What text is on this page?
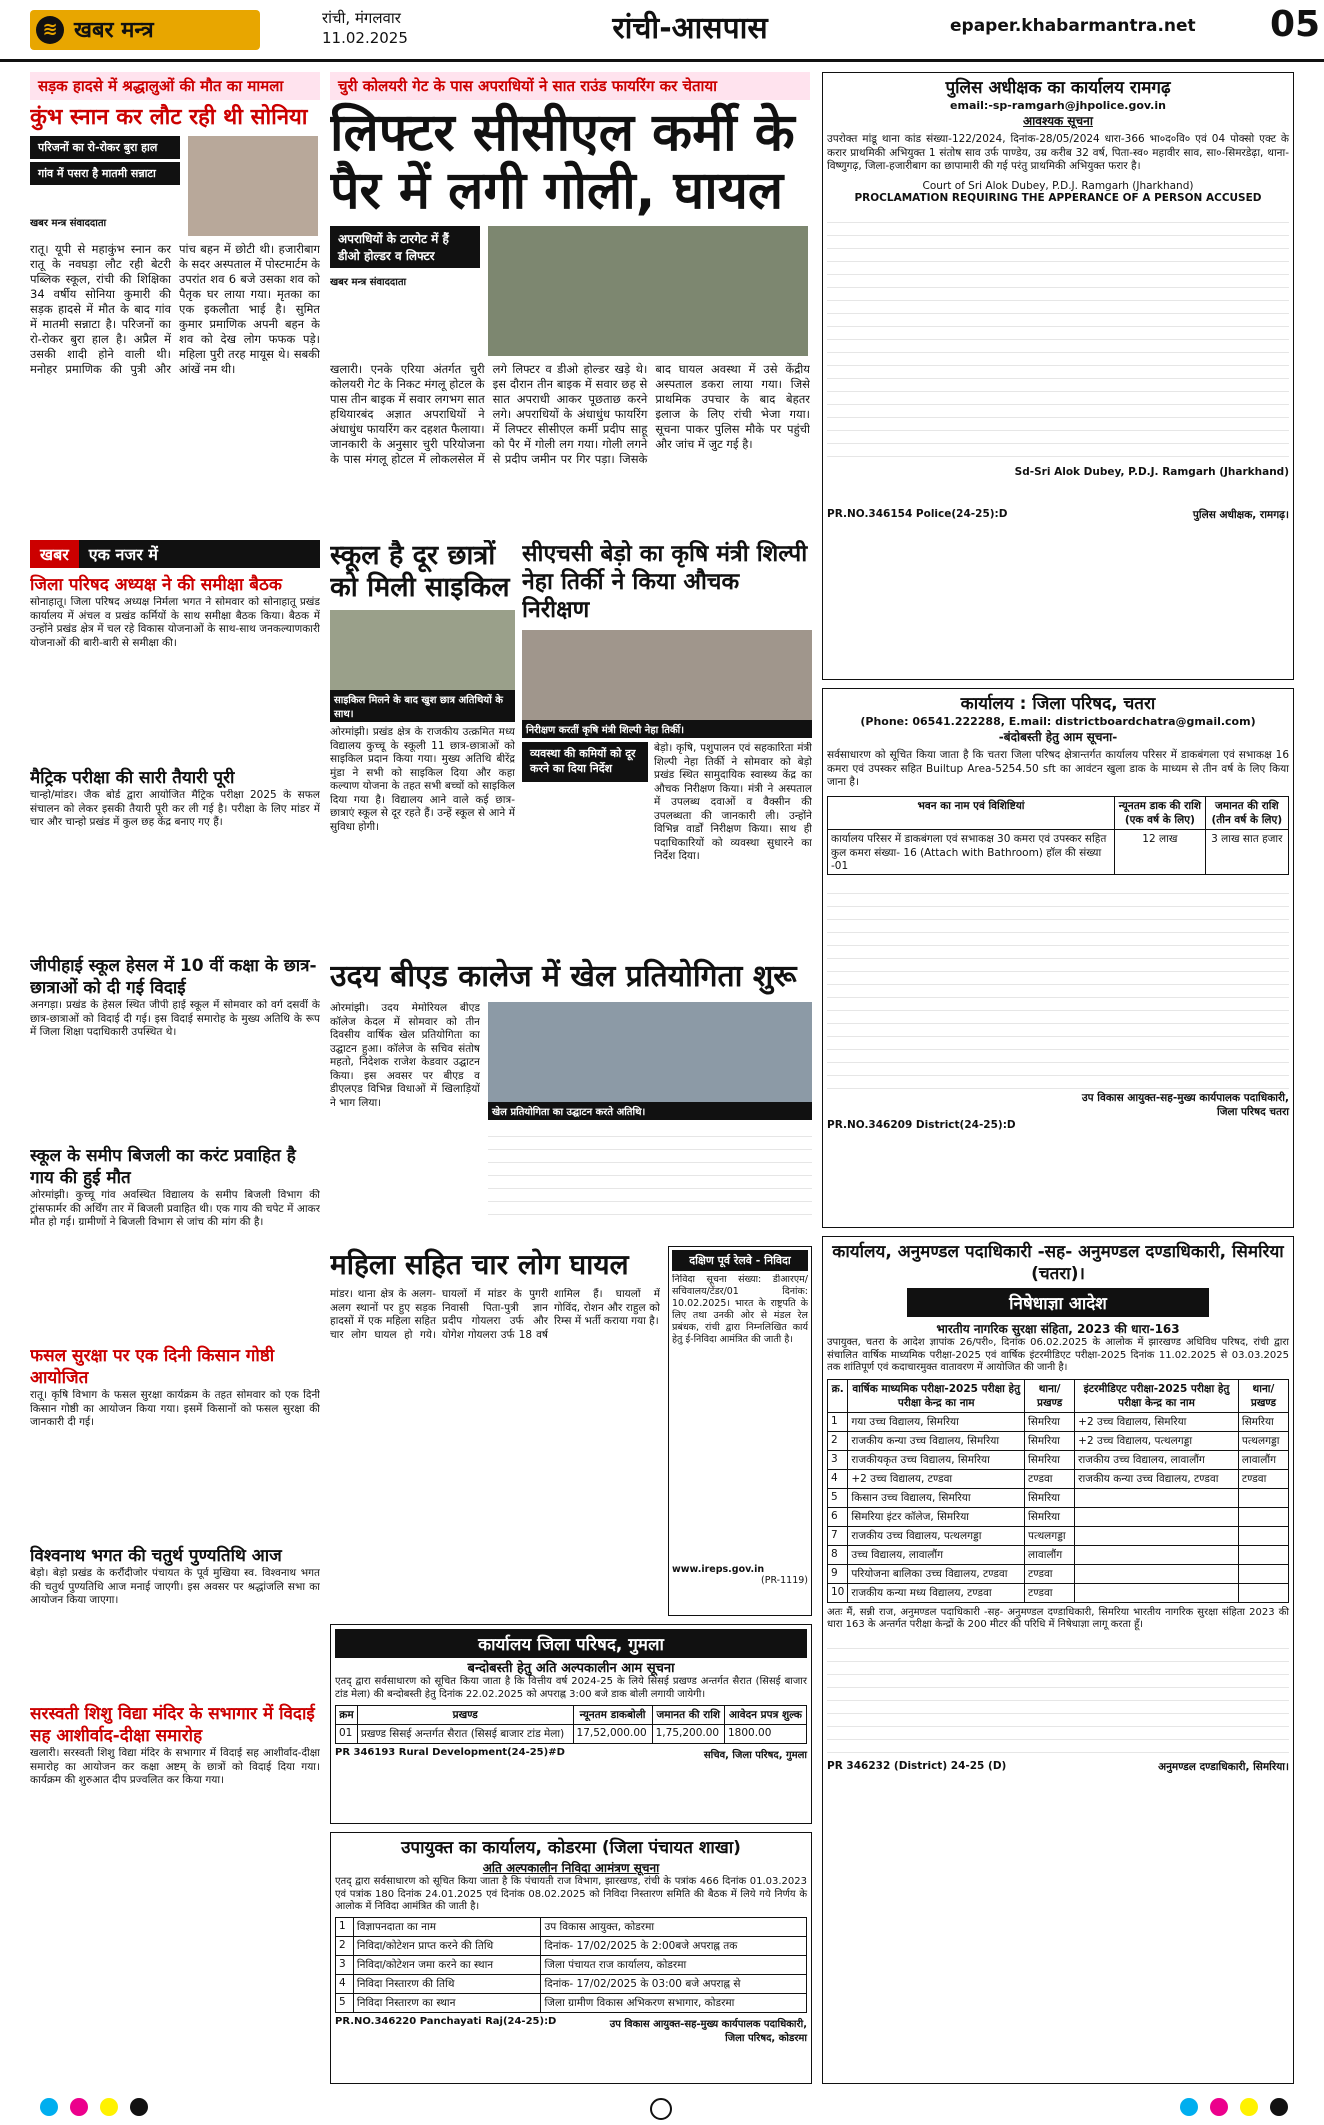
≋ खबर मन्त्र	रांची, मंगलवार
11.02.2025	रांची-आसपास	epaper.khabarmantra.net 05
सड़क हादसे में श्रद्धालुओं की मौत का मामला
कुंभ स्नान कर लौट रही थी सोनिया
परिजनों का रो-रोकर बुरा हाल
गांव में पसरा है मातमी सन्नाटा
खबर मन्त्र संवाददाता
रातू। यूपी से महाकुंभ स्नान कर रातू के नवघड़ा लौट रही बेटरी पब्लिक स्कूल, रांची की शिक्षिका 34 वर्षीय सोनिया कुमारी की सड़क हादसे में मौत के बाद गांव में मातमी सन्नाटा है। परिजनों का रो-रोकर बुरा हाल है। अप्रैल में उसकी शादी होने वाली थी। मनोहर प्रमाणिक की पुत्री और पांच बहन में छोटी थी। हजारीबाग के सदर अस्पताल में पोस्टमार्टम के उपरांत शव 6 बजे उसका शव को पैतृक घर लाया गया। मृतका का एक इकलौता भाई है। सुमित कुमार प्रमाणिक अपनी बहन के शव को देख लोग फफक पड़े। महिला पुरी तरह मायूस थे। सबकी आंखें नम थी।
चुरी कोलयरी गेट के पास अपराधियों ने सात राउंड फायरिंग कर चेताया
लिफ्टर सीसीएल कर्मी के पैर में लगी गोली, घायल
अपराधियों के टारगेट में हैं डीओ होल्डर व लिफ्टर
खबर मन्त्र संवाददाता
खलारी। एनके एरिया अंतर्गत चुरी कोलयरी गेट के निकट मंगलू होटल के पास तीन बाइक में सवार लगभग सात हथियारबंद अज्ञात अपराधियों ने अंधाधुंध फायरिंग कर दहशत फैलाया। जानकारी के अनुसार चुरी परियोजना के पास मंगलू होटल में लोकलसेल में लगे लिफ्टर व डीओ होल्डर खड़े थे। इस दौरान तीन बाइक में सवार छह से सात अपराधी आकर पूछताछ करने लगे। अपराधियों के अंधाधुंध फायरिंग में लिफ्टर सीसीएल कर्मी प्रदीप साहू को पैर में गोली लग गया। गोली लगने से प्रदीप जमीन पर गिर पड़ा। जिसके बाद घायल अवस्था में उसे केंद्रीय अस्पताल डकरा लाया गया। जिसे प्राथमिक उपचार के बाद बेहतर इलाज के लिए रांची भेजा गया। सूचना पाकर पुलिस मौके पर पहुंची और जांच में जुट गई है।
पुलिस अधीक्षक का कार्यालय रामगढ़
email:-sp-ramgarh@jhpolice.gov.in
आवश्यक सूचना
उपरोक्त मांडू थाना कांड संख्या-122/2024, दिनांक-28/05/2024 धारा-366 भा०द०वि० एवं 04 पोक्सो एक्ट के करार प्राथमिकी अभियुक्त 1 संतोष साव उर्फ पाण्डेय, उम्र करीब 32 वर्ष, पिता-स्व० महावीर साव, सा०-सिमरडेढ़ा, थाना-विष्णुगढ़, जिला-हजारीबाग का छापामारी की गई परंतु प्राथमिकी अभियुक्त फरार है।
Court of Sri Alok Dubey, P.D.J. Ramgarh (Jharkhand)
PROCLAMATION REQUIRING THE APPERANCE OF A PERSON ACCUSED
Sd-Sri Alok Dubey, P.D.J. Ramgarh (Jharkhand)
PR.NO.346154 Police(24-25):D	पुलिस अधीक्षक, रामगढ़।
खबर	एक नजर में
जिला परिषद अध्यक्ष ने की समीक्षा बैठक
सोनाहातू। जिला परिषद अध्यक्ष निर्मला भगत ने सोमवार को सोनाहातू प्रखंड कार्यालय में अंचल व प्रखंड कर्मियों के साथ समीक्षा बैठक किया। बैठक में उन्होंने प्रखंड क्षेत्र में चल रहे विकास योजनाओं के साथ-साथ जनकल्याणकारी योजनाओं की बारी-बारी से समीक्षा की।
मैट्रिक परीक्षा की सारी तैयारी पूरी
चान्हो/मांडर। जैक बोर्ड द्वारा आयोजित मैट्रिक परीक्षा 2025 के सफल संचालन को लेकर इसकी तैयारी पूरी कर ली गई है। परीक्षा के लिए मांडर में चार और चान्हो प्रखंड में कुल छह केंद्र बनाए गए हैं।
जीपीहाई स्कूल हेसल में 10 वीं कक्षा के छात्र-छात्राओं को दी गई विदाई
अनगड़ा। प्रखंड के हेसल स्थित जीपी हाई स्कूल में सोमवार को वर्ग दसवीं के छात्र-छात्राओं को विदाई दी गई। इस विदाई समारोह के मुख्य अतिथि के रूप में जिला शिक्षा पदाधिकारी उपस्थित थे।
स्कूल के समीप बिजली का करंट प्रवाहित है गाय की हुई मौत
ओरमांझी। कुच्चू गांव अवस्थित विद्यालय के समीप बिजली विभाग की ट्रांसफार्मर की अर्थिंग तार में बिजली प्रवाहित थी। एक गाय की चपेट में आकर मौत हो गई। ग्रामीणों ने बिजली विभाग से जांच की मांग की है।
फसल सुरक्षा पर एक दिनी किसान गोष्ठी आयोजित
रातू। कृषि विभाग के फसल सुरक्षा कार्यक्रम के तहत सोमवार को एक दिनी किसान गोष्ठी का आयोजन किया गया। इसमें किसानों को फसल सुरक्षा की जानकारी दी गई।
विश्वनाथ भगत की चतुर्थ पुण्यतिथि आज
बेड़ो। बेड़ो प्रखंड के करौंदीजोर पंचायत के पूर्व मुखिया स्व. विश्वनाथ भगत की चतुर्थ पुण्यतिथि आज मनाई जाएगी। इस अवसर पर श्रद्धांजलि सभा का आयोजन किया जाएगा।
सरस्वती शिशु विद्या मंदिर के सभागार में विदाई सह आशीर्वाद-दीक्षा समारोह
खलारी। सरस्वती शिशु विद्या मंदिर के सभागार में विदाई सह आशीर्वाद-दीक्षा समारोह का आयोजन कर कक्षा अष्टम्‌ के छात्रों को विदाई दिया गया। कार्यक्रम की शुरुआत दीप प्रज्वलित कर किया गया।
स्कूल है दूर छात्रों को मिली साइकिल
साइकिल मिलने के बाद खुश छात्र अतिथियों के साथ।
ओरमांझी। प्रखंड क्षेत्र के राजकीय उत्क्रमित मध्य विद्यालय कुच्चू के स्कूली 11 छात्र-छात्राओं को साइकिल प्रदान किया गया। मुख्य अतिथि बीरेंद्र मुंडा ने सभी को साइकिल दिया और कहा कल्याण योजना के तहत सभी बच्चों को साइकिल दिया गया है। विद्यालय आने वाले कई छात्र-छात्राएं स्कूल से दूर रहते हैं। उन्हें स्कूल से आने में सुविधा होगी।
सीएचसी बेड़ो का कृषि मंत्री शिल्पी नेहा तिर्की ने किया औचक निरीक्षण
निरीक्षण करतीं कृषि मंत्री शिल्पी नेहा तिर्की।
व्यवस्था की कमियों को दूर करने का दिया निर्देश
बेड़ो। कृषि, पशुपालन एवं सहकारिता मंत्री शिल्पी नेहा तिर्की ने सोमवार को बेड़ो प्रखंड स्थित सामुदायिक स्वास्थ्य केंद्र का औचक निरीक्षण किया। मंत्री ने अस्पताल में उपलब्ध दवाओं व वैक्सीन की उपलब्धता की जानकारी ली। उन्होंने विभिन्न वार्डों निरीक्षण किया। साथ ही पदाधिकारियों को व्यवस्था सुधारने का निर्देश दिया।
कार्यालय : जिला परिषद, चतरा
(Phone: 06541.222288, E.mail: districtboardchatra@gmail.com)
-बंदोबस्ती हेतु आम सूचना-
सर्वसाधारण को सूचित किया जाता है कि चतरा जिला परिषद क्षेत्रान्तर्गत कार्यालय परिसर में डाकबंगला एवं सभाकक्ष 16 कमरा एवं उपस्कर सहित Builtup Area-5254.50 sft का आवंटन खुला डाक के माध्यम से तीन वर्ष के लिए किया जाना है।
भवन का नाम एवं विशिष्टियां	न्यूनतम डाक की राशि (एक वर्ष के लिए)	जमानत की राशि (तीन वर्ष के लिए)
कार्यालय परिसर में डाकबंगला एवं सभाकक्ष 30 कमरा एवं उपस्कर सहित कुल कमरा संख्या- 16 (Attach with Bathroom) हॉल की संख्या -01	12 लाख	3 लाख सात हजार
उप विकास आयुक्त-सह-मुख्य कार्यपालक पदाधिकारी, जिला परिषद चतरा
PR.NO.346209 District(24-25):D
उदय बीएड कालेज में खेल प्रतियोगिता शुरू
ओरमांझी। उदय मेमोरियल बीएड कॉलेज केदल में सोमवार को तीन दिवसीय वार्षिक खेल प्रतियोगिता का उद्घाटन हुआ। कॉलेज के सचिव संतोष महतो, निदेशक राजेश केडवार उद्घाटन किया। इस अवसर पर बीएड व डीएलएड विभिन्न विधाओं में खिलाड़ियों ने भाग लिया।
खेल प्रतियोगिता का उद्घाटन करते अतिथि।
महिला सहित चार लोग घायल
मांडर। थाना क्षेत्र के अलग-अलग स्थानों पर हुए सड़क हादसों में एक महिला सहित चार लोग घायल हो गये। घायलों में मांडर के पुगरी निवासी पिता-पुत्री ज्ञान प्रदीप गोयलरा उर्फ और योगेश गोयलरा उर्फ 18 वर्ष शामिल हैं। घायलों में गोविंद, रोशन और राहुल को रिम्स में भर्ती कराया गया है।
दक्षिण पूर्व रेलवे - निविदा
निविदा सूचना संख्या: डीआरएम/सचिवालय/टेंडर/01 दिनांक: 10.02.2025। भारत के राष्ट्रपति के लिए तथा उनकी ओर से मंडल रेल प्रबंधक, रांची द्वारा निम्नलिखित कार्य हेतु ई-निविदा आमंत्रित की जाती है।
www.ireps.gov.in
(PR-1119)
कार्यालय जिला परिषद, गुमला
बन्दोबस्ती हेतु अति अल्पकालीन आम सूचना
एतद् द्वारा सर्वसाधारण को सूचित किया जाता है कि वित्तीय वर्ष 2024-25 के लिये सिसई प्रखण्ड अन्तर्गत सैरात (सिसई बाजार टांड मेला) की बन्दोबस्ती हेतु दिनांक 22.02.2025 को अपराह्न 3:00 बजे डाक बोली लगायी जायेगी।
क्रम	प्रखण्ड	न्यूनतम डाकबोली	जमानत की राशि	आवेदन प्रपत्र शुल्क
01	प्रखण्ड सिसई अन्तर्गत सैरात (सिसई बाजार टांड मेला)	17,52,000.00	1,75,200.00	1800.00
PR 346193 Rural Development(24-25)#D	सचिव, जिला परिषद, गुमला
उपायुक्त का कार्यालय, कोडरमा (जिला पंचायत शाखा)
अति अल्पकालीन निविदा आमंत्रण सूचना
एतद् द्वारा सर्वसाधारण को सूचित किया जाता है कि पंचायती राज विभाग, झारखण्ड, रांची के पत्रांक 466 दिनांक 01.03.2023 एवं पत्रांक 180 दिनांक 24.01.2025 एवं दिनांक 08.02.2025 को निविदा निस्तारण समिति की बैठक में लिये गये निर्णय के आलोक में निविदा आमंत्रित की जाती है।
1	विज्ञापनदाता का नाम	उप विकास आयुक्त, कोडरमा
2	निविदा/कोटेशन प्राप्त करने की तिथि	दिनांक- 17/02/2025 के 2:00बजे अपराह्न तक
3	निविदा/कोटेशन जमा करने का स्थान	जिला पंचायत राज कार्यालय, कोडरमा
4	निविदा निस्तारण की तिथि	दिनांक- 17/02/2025 के 03:00 बजे अपराह्न से
5	निविदा निस्तारण का स्थान	जिला ग्रामीण विकास अभिकरण सभागार, कोडरमा
PR.NO.346220 Panchayati Raj(24-25):D	उप विकास आयुक्त-सह-मुख्य कार्यपालक पदाधिकारी, जिला परिषद, कोडरमा
कार्यालय, अनुमण्डल पदाधिकारी -सह- अनुमण्डल दण्डाधिकारी, सिमरिया (चतरा)।
निषेधाज्ञा आदेश
भारतीय नागरिक सुरक्षा संहिता, 2023 की धारा-163
उपायुक्त, चतरा के आदेश ज्ञापांक 26/परी०, दिनांक 06.02.2025 के आलोक में झारखण्ड अधिविध परिषद, रांची द्वारा संचालित वार्षिक माध्यमिक परीक्षा-2025 एवं वार्षिक इंटरमीडिएट परीक्षा-2025 दिनांक 11.02.2025 से 03.03.2025 तक शांतिपूर्ण एवं कदाचारमुक्त वातावरण में आयोजित की जानी है।
क्र.	वार्षिक माध्यमिक परीक्षा-2025 परीक्षा हेतु परीक्षा केन्द्र का नाम	थाना/प्रखण्ड	इंटरमीडिएट परीक्षा-2025 परीक्षा हेतु परीक्षा केन्द्र का नाम	थाना/प्रखण्ड
1	गया उच्च विद्यालय, सिमरिया	सिमरिया	+2 उच्च विद्यालय, सिमरिया	सिमरिया
2	राजकीय कन्या उच्च विद्यालय, सिमरिया	सिमरिया	+2 उच्च विद्यालय, पत्थलगड्डा	पत्थलगड्डा
3	राजकीयकृत उच्च विद्यालय, सिमरिया	सिमरिया	राजकीय उच्च विद्यालय, लावालौंग	लावालौंग
4	+2 उच्च विद्यालय, टण्डवा	टण्डवा	राजकीय कन्या उच्च विद्यालय, टण्डवा	टण्डवा
5	किसान उच्च विद्यालय, सिमरिया	सिमरिया		
6	सिमरिया इंटर कॉलेज, सिमरिया	सिमरिया		
7	राजकीय उच्च विद्यालय, पत्थलगड्डा	पत्थलगड्डा		
8	उच्च विद्यालय, लावालौंग	लावालौंग		
9	परियोजना बालिका उच्च विद्यालय, टण्डवा	टण्डवा		
10	राजकीय कन्या मध्य विद्यालय, टण्डवा	टण्डवा		
अतः मैं, सन्नी राज, अनुमण्डल पदाधिकारी -सह- अनुमण्डल दण्डाधिकारी, सिमरिया भारतीय नागरिक सुरक्षा संहिता 2023 की धारा 163 के अन्तर्गत परीक्षा केन्द्रों के 200 मीटर की परिधि में निषेधाज्ञा लागू करता हूँ।
PR 346232 (District) 24-25 (D)	अनुमण्डल दण्डाधिकारी, सिमरिया।
